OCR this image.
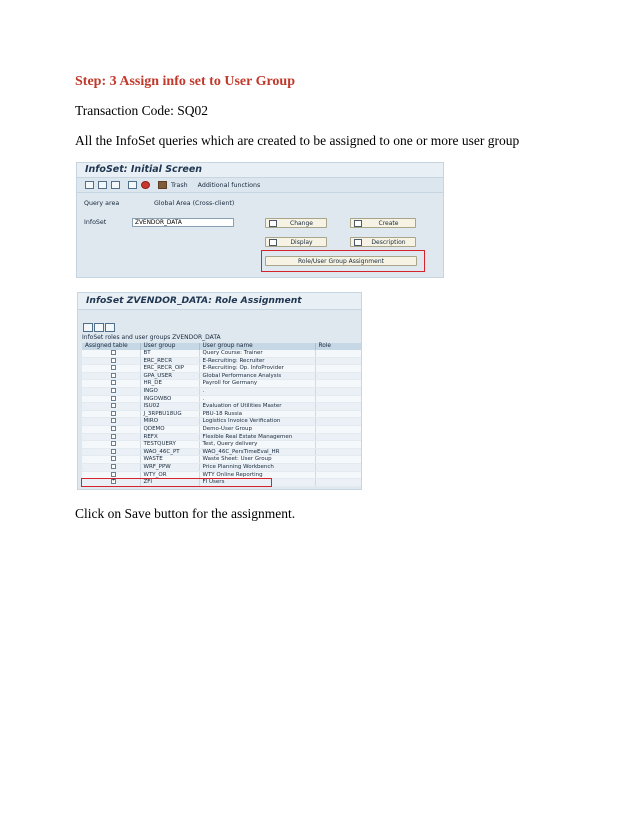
Step: 3 Assign info set to User Group
Transaction Code: SQ02
All the InfoSet queries which are created to be assigned to one or more user group
InfoSet: Initial Screen
Trash Additional functions
Query area	Global Area (Cross-client)
InfoSet	ZVENDOR_DATA	Change	Create
Display	Description
Role/User Group Assignment
InfoSet ZVENDOR_DATA: Role Assignment
InfoSet roles and user groups ZVENDOR_DATA
Assigned table	User group	User group name	Role
	BT	Query Course: Trainer	
	ERC_RECR	E-Recruiting: Recruiter	
	ERC_RECR_OIP	E-Recruiting: Op. InfoProvider	
	GPA_USER	Global Performance Analysis	
	HR_DE	Payroll for Germany	
	INGO	.	
	INGOWBO	.	
	ISU02	Evaluation of Utilities Master	
	J_3RPBU18UG	PBU-18 Russia	
	MIRO	Logistics Invoice Verification	
	QDEMO	Demo-User Group	
	REFX	Flexible Real Estate Managemen	
	TESTQUERY	Test, Query delivery	
	WAO_46C_PT	WAO_46C_PersTimeEval_HR	
	WASTE	Waste Sheet: User Group	
	WRF_PPW	Price Planning Workbench	
	WTY_OR	WTY Online Reporting	
✓	ZFI	FI Users	
Click on Save button for the assignment.
